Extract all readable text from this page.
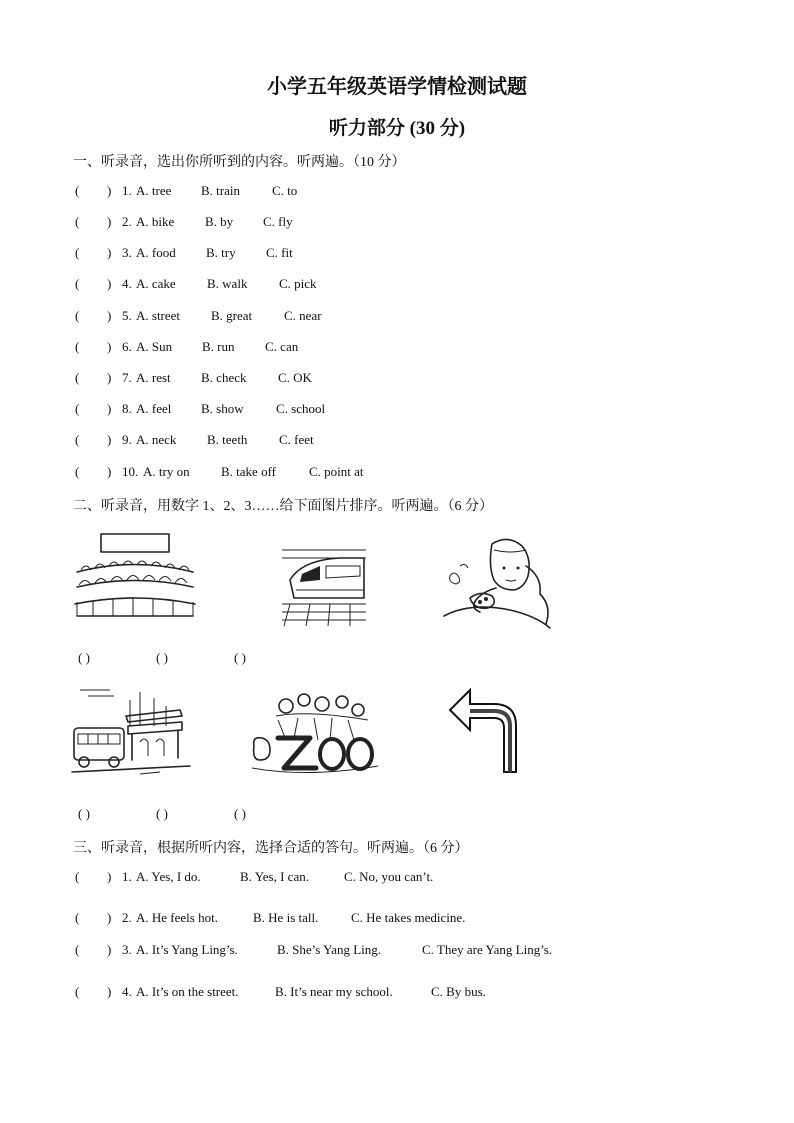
小学五年级英语学情检测试题
听力部分 (30 分)
一、听录音，选出你所听到的内容。听两遍。（10 分）
( ) 1. A. tree B. train C. to
( ) 2. A. bike B. by C. fly
( ) 3. A. food B. try C. fit
( ) 4. A. cake B. walk C. pick
( ) 5. A. street B. great C. near
( ) 6. A. Sun B. run C. can
( ) 7. A. rest B. check C. OK
( ) 8. A. feel B. show C. school
( ) 9. A. neck B. teeth C. feet
( ) 10. A. try on B. take off	C. point at
二、听录音，用数字 1、2、3……给下面图片排序。听两遍。（6 分）
( )	( )	( )
( )	( )	( )
三、听录音，根据所听内容，选择合适的答句。听两遍。（6 分）
( ) 1. A. Yes, I do.	B. Yes, I can.	C. No, you can’t.
( ) 2. A. He feels hot.	B. He is tall.	C. He takes medicine.
( ) 3. A. It’s Yang Ling’s.	B. She’s Yang Ling.	C. They are Yang Ling’s.
( ) 4. A. It’s on the street.	B. It’s near my school.	C. By bus.
